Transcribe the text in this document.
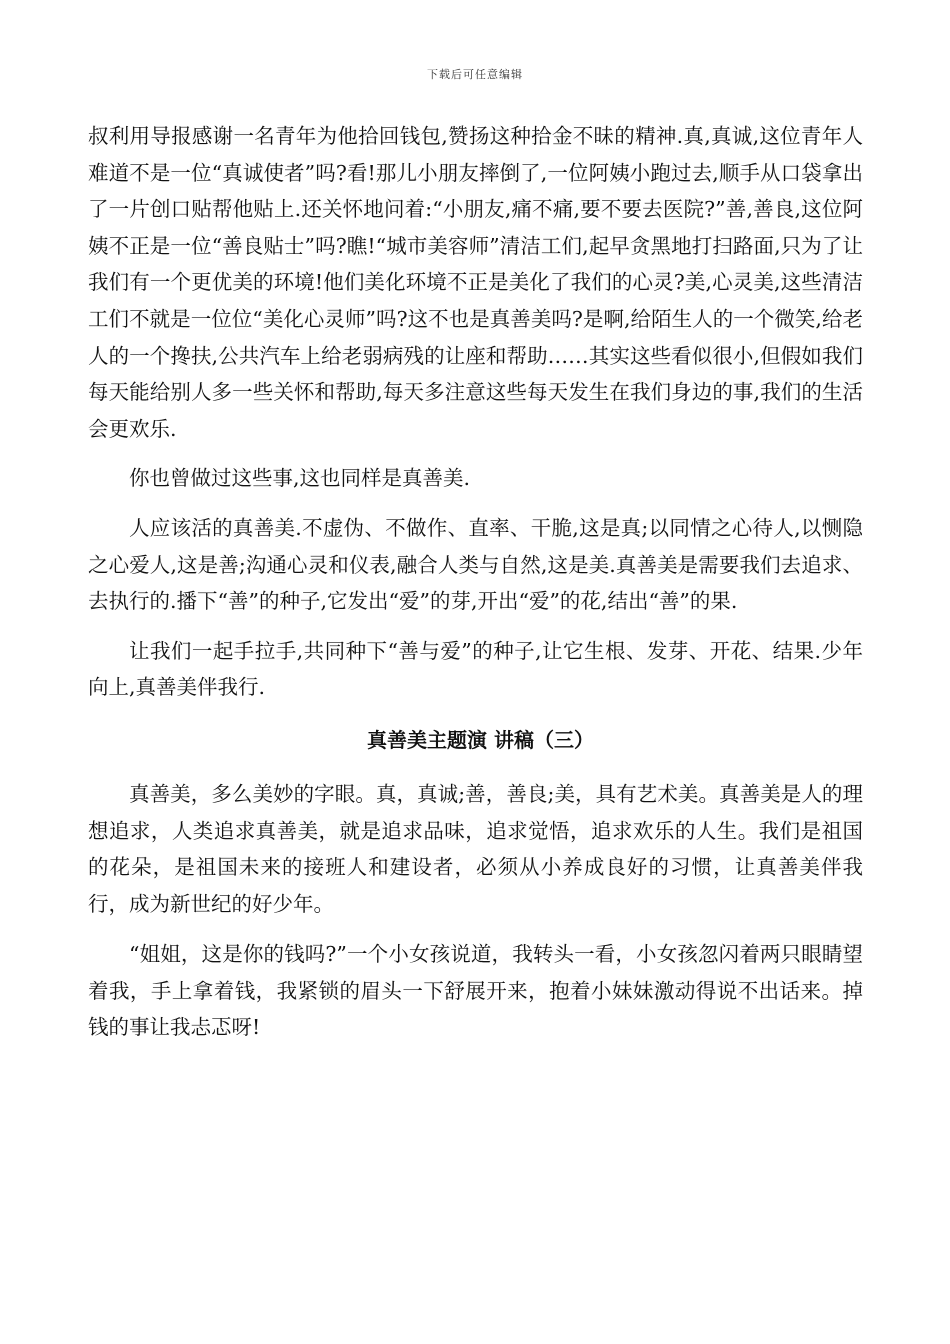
下载后可任意编辑

叔利用导报感谢一名青年为他拾回钱包,赞扬这种拾金不昧的精神.真,真诚,这位青年人难道不是一位“真诚使者”吗?看!那儿小朋友摔倒了,一位阿姨小跑过去,顺手从口袋拿出了一片创口贴帮他贴上.还关怀地问着:“小朋友,痛不痛,要不要去医院?”善,善良,这位阿姨不正是一位“善良贴士”吗?瞧!“城市美容师”清洁工们,起早贪黑地打扫路面,只为了让我们有一个更优美的环境!他们美化环境不正是美化了我们的心灵?美,心灵美,这些清洁工们不就是一位位“美化心灵师”吗?这不也是真善美吗?是啊,给陌生人的一个微笑,给老人的一个搀扶,公共汽车上给老弱病残的让座和帮助……其实这些看似很小,但假如我们每天能给别人多一些关怀和帮助,每天多注意这些每天发生在我们身边的事,我们的生活会更欢乐.

你也曾做过这些事,这也同样是真善美.

人应该活的真善美.不虚伪、不做作、直率、干脆,这是真;以同情之心待人,以恻隐之心爱人,这是善;沟通心灵和仪表,融合人类与自然,这是美.真善美是需要我们去追求、去执行的.播下“善”的种子,它发出“爱”的芽,开出“爱”的花,结出“善”的果.

让我们一起手拉手,共同种下“善与爱”的种子,让它生根、发芽、开花、结果.少年向上,真善美伴我行.

真善美主题演 讲稿（三）

真善美，多么美妙的字眼。真，真诚;善，善良;美，具有艺术美。真善美是人的理想追求，人类追求真善美，就是追求品味，追求觉悟，追求欢乐的人生。我们是祖国的花朵，是祖国未来的接班人和建设者，必须从小养成良好的习惯，让真善美伴我行，成为新世纪的好少年。

“姐姐，这是你的钱吗?”一个小女孩说道，我转头一看，小女孩忽闪着两只眼睛望着我，手上拿着钱，我紧锁的眉头一下舒展开来，抱着小妹妹激动得说不出话来。掉钱的事让我忐忑呀!
